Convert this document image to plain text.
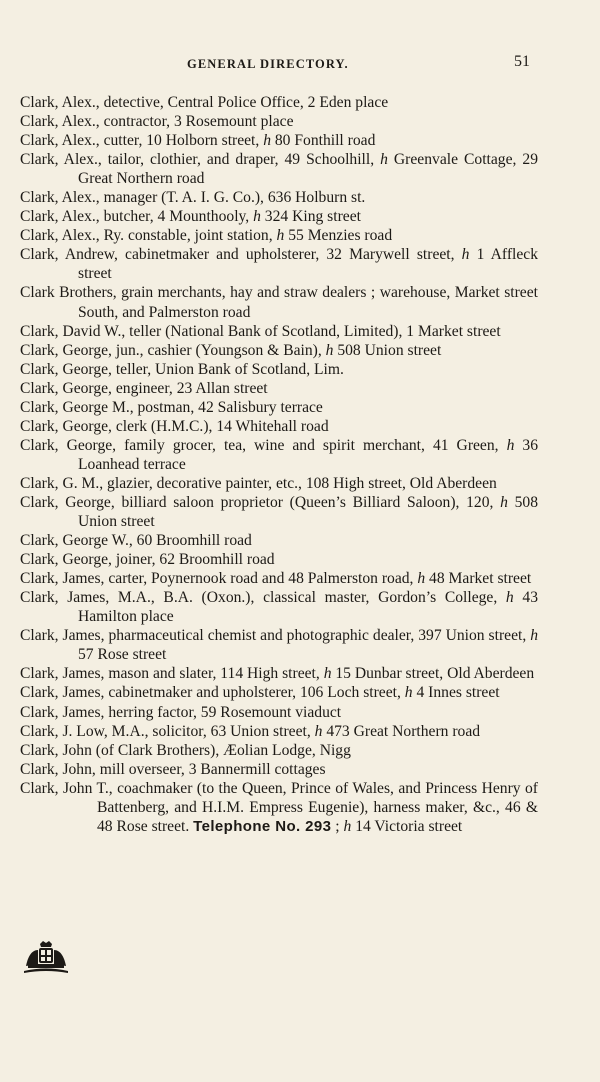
GENERAL DIRECTORY.	51
Clark, Alex., detective, Central Police Office, 2 Eden place
Clark, Alex., contractor, 3 Rosemount place
Clark, Alex., cutter, 10 Holborn street, h 80 Fonthill road
Clark, Alex., tailor, clothier, and draper, 49 Schoolhill, h Greenvale Cottage, 29 Great Northern road
Clark, Alex., manager (T. A. I. G. Co.), 636 Holburn st.
Clark, Alex., butcher, 4 Mounthooly, h 324 King street
Clark, Alex., Ry. constable, joint station, h 55 Menzies road
Clark, Andrew, cabinetmaker and upholsterer, 32 Marywell street, h 1 Affleck street
Clark Brothers, grain merchants, hay and straw dealers ; warehouse, Market street South, and Palmerston road
Clark, David W., teller (National Bank of Scotland, Limited), 1 Market street
Clark, George, jun., cashier (Youngson & Bain), h 508 Union street
Clark, George, teller, Union Bank of Scotland, Lim.
Clark, George, engineer, 23 Allan street
Clark, George M., postman, 42 Salisbury terrace
Clark, George, clerk (H.M.C.), 14 Whitehall road
Clark, George, family grocer, tea, wine and spirit merchant, 41 Green, h 36 Loanhead terrace
Clark, G. M., glazier, decorative painter, etc., 108 High street, Old Aberdeen
Clark, George, billiard saloon proprietor (Queen’s Billiard Saloon), 120, h 508 Union street
Clark, George W., 60 Broomhill road
Clark, George, joiner, 62 Broomhill road
Clark, James, carter, Poynernook road and 48 Palmerston road, h 48 Market street
Clark, James, M.A., B.A. (Oxon.), classical master, Gordon’s College, h 43 Hamilton place
Clark, James, pharmaceutical chemist and photographic dealer, 397 Union street, h 57 Rose street
Clark, James, mason and slater, 114 High street, h 15 Dunbar street, Old Aberdeen
Clark, James, cabinetmaker and upholsterer, 106 Loch street, h 4 Innes street
Clark, James, herring factor, 59 Rosemount viaduct
Clark, J. Low, M.A., solicitor, 63 Union street, h 473 Great Northern road
Clark, John (of Clark Brothers), Æolian Lodge, Nigg
Clark, John, mill overseer, 3 Bannermill cottages
Clark, John T., coachmaker (to the Queen, Prince of Wales, and Princess Henry of Battenberg, and H.I.M. Empress Eugenie), harness maker, &c., 46 & 48 Rose street. Telephone No. 293 ; h 14 Victoria street
